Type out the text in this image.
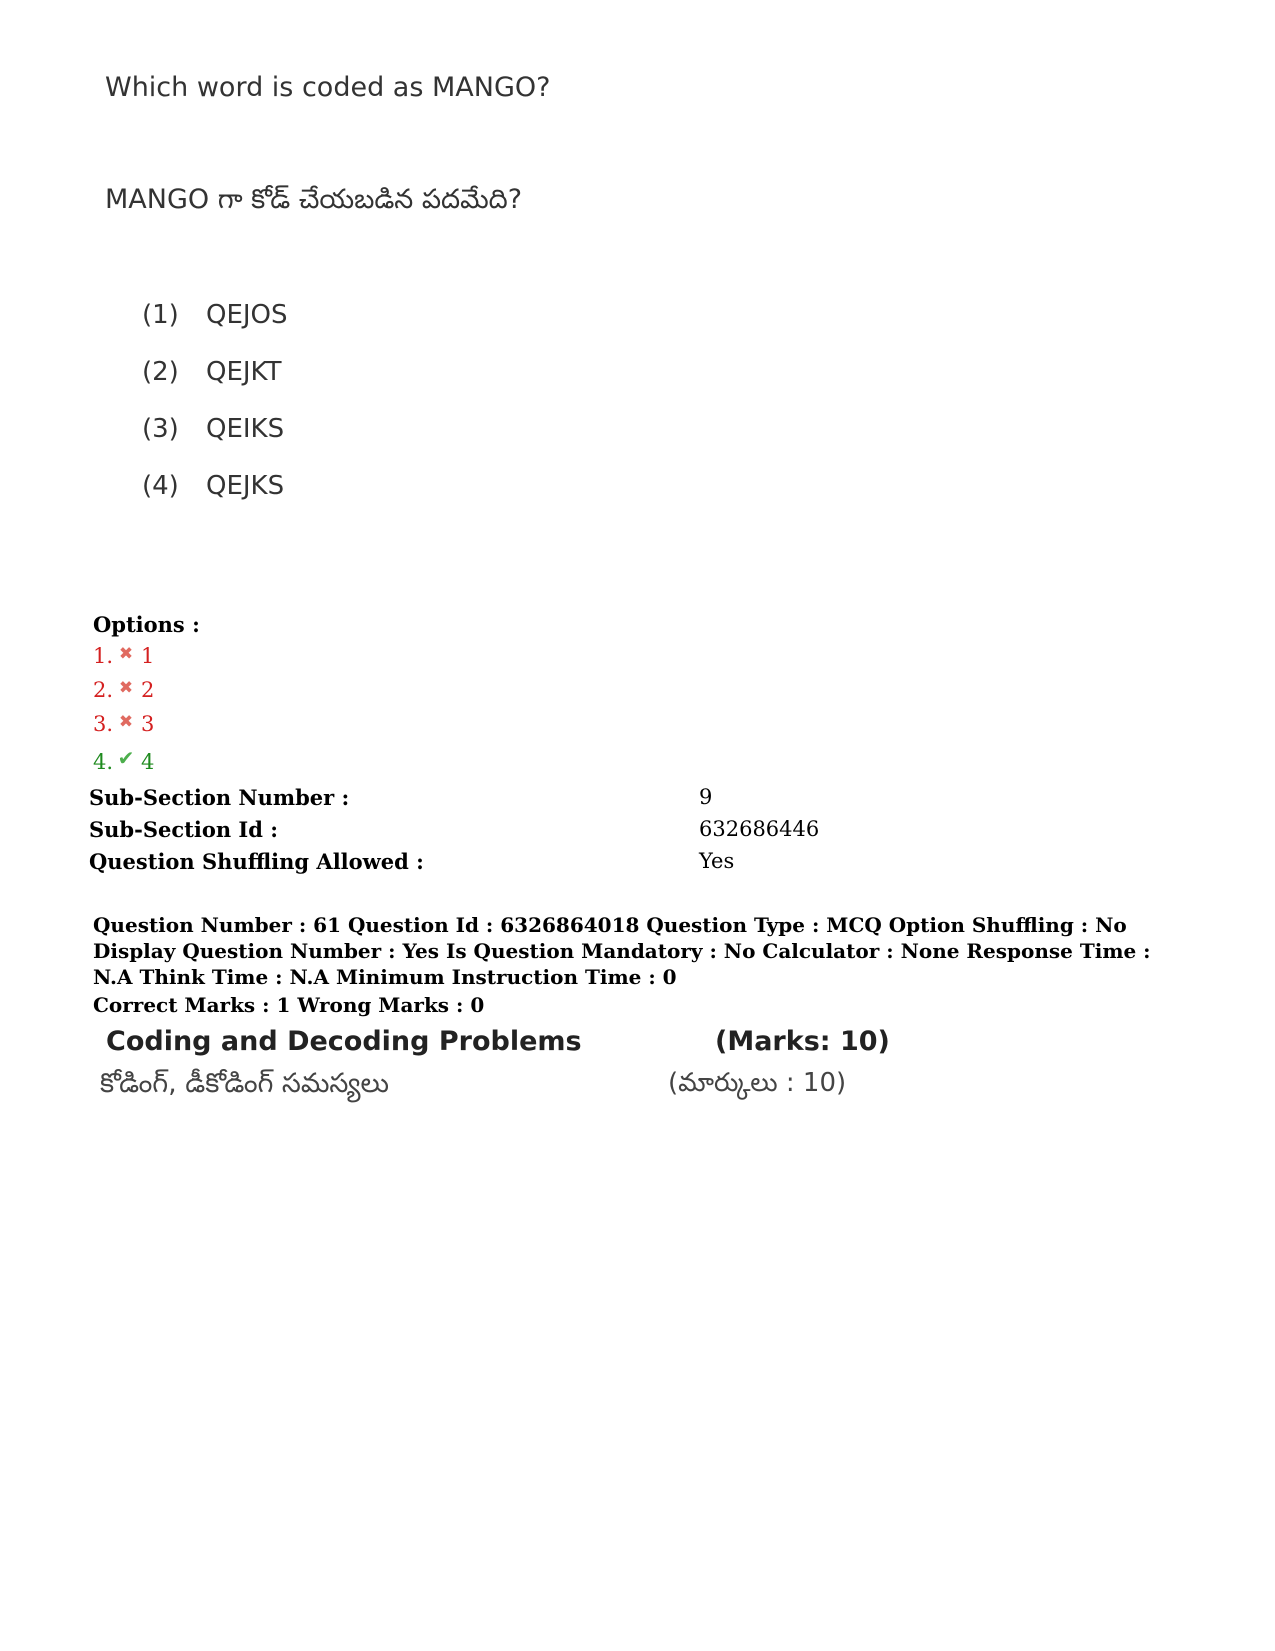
Which word is coded as MANGO?
MANGO గా కోడ్ చేయబడిన పదమేది?
(1) QEJOS
(2) QEJKT
(3) QEIKS
(4) QEJKS
Options :
1. ✖ 1
2. ✖ 2
3. ✖ 3
4. ✔ 4
Sub-Section Number :	9
Sub-Section Id :	632686446
Question Shuffling Allowed :	Yes
Question Number : 61 Question Id : 6326864018 Question Type : MCQ Option Shuffling : No Display Question Number : Yes Is Question Mandatory : No Calculator : None Response Time : N.A Think Time : N.A Minimum Instruction Time : 0
Correct Marks : 1 Wrong Marks : 0
Coding and Decoding Problems	(Marks: 10)
కోడింగ్, డీకోడింగ్ సమస్యలు	(మార్కులు : 10)
